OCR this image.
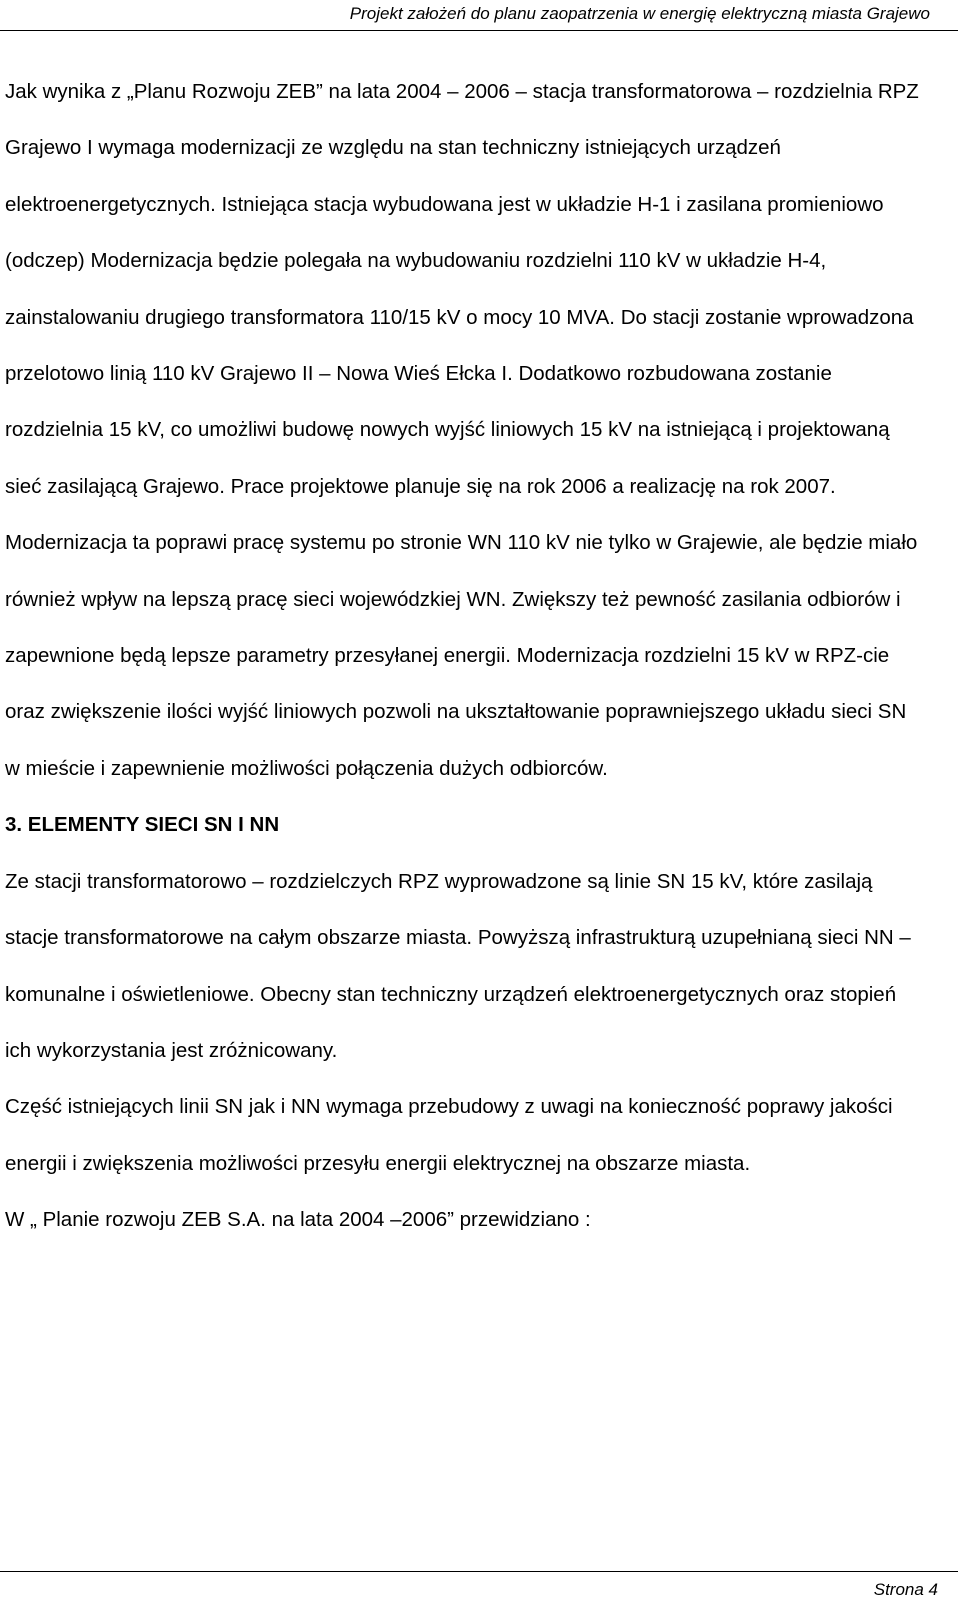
Projekt założeń do planu zaopatrzenia w energię elektryczną miasta Grajewo

Jak wynika z „Planu Rozwoju ZEB” na lata 2004 – 2006 – stacja transformatorowa – rozdzielnia RPZ Grajewo I wymaga modernizacji ze względu na stan techniczny istniejących urządzeń elektroenergetycznych. Istniejąca stacja wybudowana jest w układzie H-1 i zasilana promieniowo (odczep) Modernizacja będzie polegała na wybudowaniu rozdzielni 110 kV w układzie H-4, zainstalowaniu drugiego transformatora 110/15 kV o mocy 10 MVA. Do stacji zostanie wprowadzona przelotowo linią 110 kV Grajewo II – Nowa Wieś Ełcka I. Dodatkowo rozbudowana zostanie rozdzielnia 15 kV, co umożliwi budowę nowych wyjść liniowych 15 kV na istniejącą i projektowaną sieć zasilającą Grajewo. Prace projektowe planuje się na rok 2006 a realizację na rok 2007. Modernizacja ta poprawi pracę systemu po stronie WN 110 kV nie tylko w Grajewie, ale będzie miało również wpływ na lepszą pracę sieci wojewódzkiej WN. Zwiększy też pewność zasilania odbiorów i zapewnione będą lepsze parametry przesyłanej energii. Modernizacja rozdzielni 15 kV w RPZ-cie oraz zwiększenie ilości wyjść liniowych pozwoli na ukształtowanie poprawniejszego układu sieci SN w mieście i zapewnienie możliwości połączenia dużych odbiorców.

3. ELEMENTY SIECI SN I NN

Ze stacji transformatorowo – rozdzielczych RPZ wyprowadzone są linie SN 15 kV, które zasilają stacje transformatorowe na całym obszarze miasta. Powyższą infrastrukturą uzupełnianą sieci NN – komunalne i oświetleniowe. Obecny stan techniczny urządzeń elektroenergetycznych oraz stopień ich wykorzystania jest zróżnicowany.

Część istniejących linii SN jak i NN wymaga przebudowy z uwagi na konieczność poprawy jakości energii i zwiększenia możliwości przesyłu energii elektrycznej na obszarze miasta.

W „ Planie rozwoju ZEB S.A. na lata 2004 –2006” przewidziano :

Strona 4
